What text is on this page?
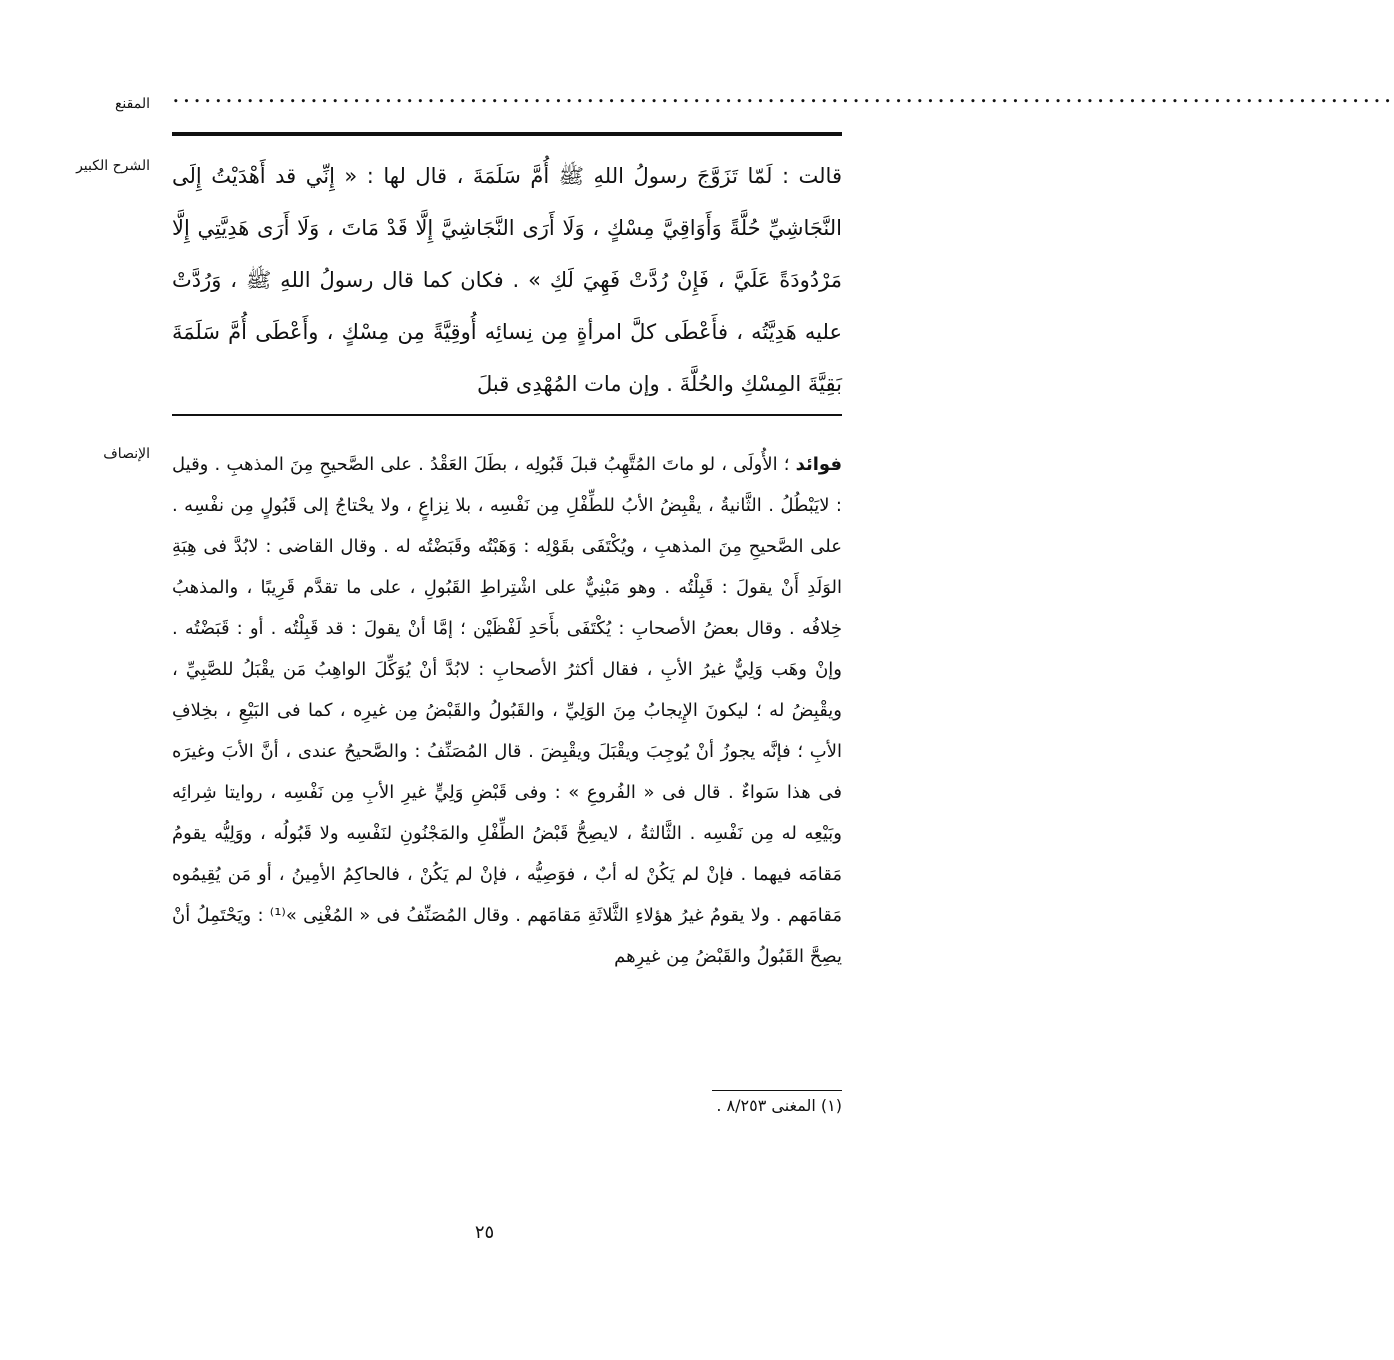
المقنع ...................................................................................................................
الشرح الكبير قالت : لَمّا تَزَوَّجَ رسولُ اللهِ ﷺ أُمَّ سَلَمَةَ ، قال لها : « إِنِّي قد أَهْدَيْتُ إِلَى النَّجَاشِيِّ حُلَّةً وَأَوَاقِيَّ مِسْكٍ ، وَلَا أَرَى النَّجَاشِيَّ إِلَّا قَدْ مَاتَ ، وَلَا أَرَى هَدِيَّتِي إِلَّا مَرْدُودَةً عَلَيَّ ، فَإِنْ رُدَّتْ فَهِيَ لَكِ » . فكان كما قال رسولُ اللهِ ﷺ ، وَرُدَّتْ عليه هَدِيَّتُه ، فأَعْطَى كلَّ امرأةٍ مِن نِسائِه أُوقِيَّةً مِن مِسْكٍ ، وأَعْطَى أُمَّ سَلَمَةَ بَقِيَّةَ المِسْكِ والحُلَّةَ . وإن مات المُهْدِى قبلَ

الإنصاف	فوائد ؛ الأُولَى ، لو ماتَ المُتَّهِبُ قبلَ قَبُولِه ، بطَلَ العَقْدُ . على الصَّحيحِ مِنَ المذهبِ . وقيل : لايَبْطُلُ . الثَّانيةُ ، يقْبِضُ الأبُ للطِّفْلِ مِن نَفْسِه ، بلا نِزاعٍ ، ولا يحْتاجُ إلى قَبُولٍ مِن نفْسِه . على الصَّحيحِ مِنَ المذهبِ ، ويُكْتَفَى بقَوْلِه : وَهَبْتُه وقَبَضْتُه له . وقال القاضى : لابُدَّ فى هِبَةِ الوَلَدِ أَنْ يقولَ : قَبِلْتُه . وهو مَبْنِيٌّ على اشْتِراطِ القَبُولِ ، على ما تقدَّم قَرِيبًا ، والمذهبُ خِلافُه . وقال بعضُ الأصحابِ : يُكْتَفَى بأَحَدِ لَفْظَيْن ؛ إمَّا أنْ يقولَ : قد قَبِلْتُه . أو : قَبَضْتُه . وإنْ وهَب وَلِيٌّ غيرُ الأبِ ، فقال أكثرُ الأصحابِ : لابُدَّ أنْ يُوَكِّلَ الواهِبُ مَن يقْبَلُ للصَّبِيِّ ، ويقْبِضُ له ؛ ليكونَ الإِيجابُ مِنَ الوَلِيِّ ، والقَبُولُ والقَبْضُ مِن غيرِه ، كما فى البَيْعِ ، بخِلافِ الأبِ ؛ فإنَّه يجوزُ أنْ يُوجِبَ ويقْبَلَ ويقْبِضَ . قال المُصَنِّفُ : والصَّحيحُ عندى ، أنَّ الأبَ وغيرَه فى هذا سَواءٌ . قال فى « الفُروعِ » : وفى قَبْضِ وَلِيٍّ غيرِ الأبِ مِن نَفْسِه ، روايتا شِرائِه وبَيْعِه له مِن نَفْسِه . الثَّالثةُ ، لايصِحُّ قَبْضُ الطِّفْلِ والمَجْنُونِ لنَفْسِه ولا قَبُولُه ، ووَلِيُّه يقومُ مَقامَه فيهما . فإنْ لم يَكُنْ له أبٌ ، فوَصِيُّه ، فإنْ لم يَكُنْ ، فالحاكِمُ الأمِينُ ، أو مَن يُقِيمُوه مَقامَهم . ولا يقومُ غيرُ هؤلاءِ الثَّلاثَةِ مَقامَهم . وقال المُصَنِّفُ فى « المُغْنِى »⁽¹⁾ : ويَحْتَمِلُ أنْ يصِحَّ القَبُولُ والقَبْضُ مِن غيرِهم

(١) المغنى ٨/٢٥٣ .
٢٥
